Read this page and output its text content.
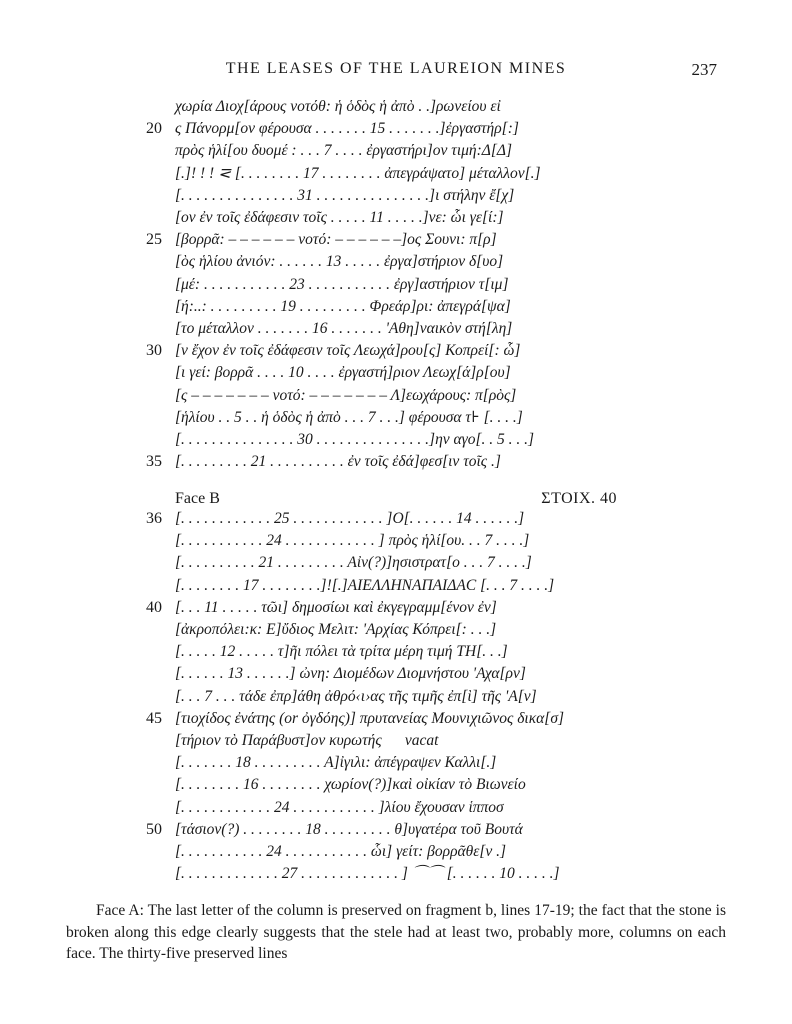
THE LEASES OF THE LAUREION MINES	237
χωρία Διοχ[άρους νοτόθ: ἡ ὁδὸς ἡ ἀπὸ . .]ρωνείου εἰ
20 ς Πάνορμ[ον φέρουσα . . . . . . . 15 . . . . . . .]ἐργαστήρ[:]
πρὸς ἡλί[ου δυομέ : . . . 7 . . . . ἐργαστήρι]ον τιμή:Δ[Δ]
[.]! ! ! ⋜ [. . . . . . . . 17 . . . . . . . . ἀπεγράψατο] μέταλλον[.]
[. . . . . . . . . . . . . . . 31 . . . . . . . . . . . . . . .]ι στήλην ἔ[χ]
[ον ἐν τοῖς ἐδάφεσιν τοῖς . . . . . 11 . . . . .]νε: ὧι γε[ί:]
25 [βορρᾶ: – – – – – – νοτό: – – – – – –]ος Σουνι: π[ρ]
[ὸς ἡλίου ἀνιόν: . . . . . . 13 . . . . . ἐργα]στήριον δ[υο]
[μέ: . . . . . . . . . . . 23 . . . . . . . . . . . ἐργ]αστήριον τ[ιμ]
[ή:..: . . . . . . . . . 19 . . . . . . . . . Φρεάρ]ρι: ἀπεγρά[ψα]
[το μέταλλον . . . . . . . 16 . . . . . . . 'Αθη]ναικὸν στή[λη]
30 [ν ἔχον ἐν τοῖς ἐδάφεσιν τοῖς Λεωχά]ρου[ς] Κοπρεί[: ὧ]
[ι γεί: βορρᾶ . . . . 10 . . . . ἐργαστή]ριον Λεωχ[ά]ρ[ου]
[ς – – – – – – – νοτό: – – – – – – – Λ]εωχάρους: π[ρὸς]
[ἡλίου . . 5 . . ἡ ὁδὸς ἡ ἀπὸ . . . 7 . . .] φέρουσα τ⊦ [. . . .]
[. . . . . . . . . . . . . . . 30 . . . . . . . . . . . . . . .]ην αγο[. . 5 . . .]
35 [. . . . . . . . . 21 . . . . . . . . . . ἐν τοῖς ἐδά]φεσ[ιν τοῖς .]
Face B	ΣΤΟΙΧ. 40
36 [. . . . . . . . . . . . 25 . . . . . . . . . . . . ]Ο[. . . . . . 14 . . . . . .]
[. . . . . . . . . . . 24 . . . . . . . . . . . . ] πρὸς ἡλί[ου. . . 7 . . . .]
[. . . . . . . . . . 21 . . . . . . . . . Αἰν(?)]ησιστρατ[ο . . . 7 . . . .]
[. . . . . . . . 17 . . . . . . . .]![.]ΑΙΕΛΛΗΝΑΠΑΙΔΑϹ [. . . 7 . . . .]
40 [. . . 11 . . . . . τῶι] δημοσίωι καὶ ἐκγεγραμμ[ένον ἐν]
[ἀκροπόλει:κ: Ε]ὔδιος Μελιτ: 'Αρχίας Κόπρει[: . . .]
[. . . . . 12 . . . . . τ]ῆι πόλει τὰ τρίτα μέρη τιμή ΤΗ[. . .]
[. . . . . . 13 . . . . . .] ὠνη: Διομέδων Διομνήστου 'Αχα[ρν]
[. . . 7 . . . τάδε ἐπρ]άθη ἀθρό‹ι›ας τῆς τιμῆς ἐπ[ὶ] τῆς 'Α[ν]
45 [τιοχίδος ἐνάτης (or ὀγδόης)] πρυτανείας Μουνιχιῶνος δικα[σ]
[τήριον τὸ Παράβυστ]ον κυρωτής      vacat
[. . . . . . . 18 . . . . . . . . . Α]ἰγιλι: ἀπέγραψεν Καλλι[.]
[. . . . . . . . 16 . . . . . . . . χωρίον(?)]καὶ οἰκίαν τὸ Βιωνείο
[. . . . . . . . . . . . 24 . . . . . . . . . . . ]λίου ἔχουσαν ἱπποσ
50 [τάσιον(?) . . . . . . . . 18 . . . . . . . . . θ]υγατέρα τοῦ Βουτά
[. . . . . . . . . . . 24 . . . . . . . . . . . ὧι] γείτ: βορρᾶθε[ν .]
[. . . . . . . . . . . . . 27 . . . . . . . . . . . . . ] ⌒⌒ [. . . . . . 10 . . . . .]

Face A: The last letter of the column is preserved on fragment b, lines 17-19; the fact that the stone is broken along this edge clearly suggests that the stele had at least two, probably more, columns on each face. The thirty-five preserved lines
